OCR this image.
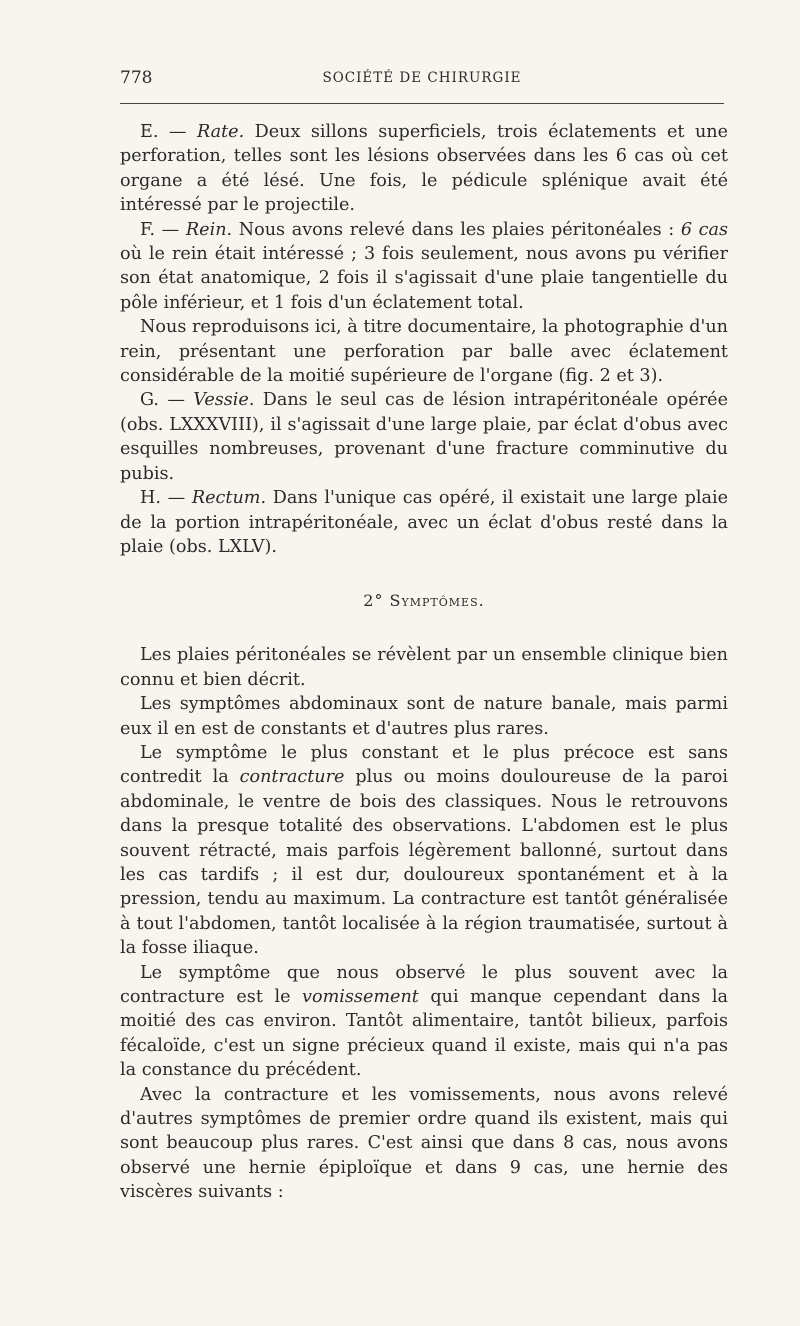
778	SOCIÉTÉ DE CHIRURGIE

E. — Rate. Deux sillons superficiels, trois éclatements et une perforation, telles sont les lésions observées dans les 6 cas où cet organe a été lésé. Une fois, le pédicule splénique avait été intéressé par le projectile.

F. — Rein. Nous avons relevé dans les plaies péritonéales : 6 cas où le rein était intéressé ; 3 fois seulement, nous avons pu vérifier son état anatomique, 2 fois il s'agissait d'une plaie tangentielle du pôle inférieur, et 1 fois d'un éclatement total.

Nous reproduisons ici, à titre documentaire, la photographie d'un rein, présentant une perforation par balle avec éclatement considérable de la moitié supérieure de l'organe (fig. 2 et 3).

G. — Vessie. Dans le seul cas de lésion intrapéritonéale opérée (obs. LXXXVIII), il s'agissait d'une large plaie, par éclat d'obus avec esquilles nombreuses, provenant d'une fracture comminutive du pubis.

H. — Rectum. Dans l'unique cas opéré, il existait une large plaie de la portion intrapéritonéale, avec un éclat d'obus resté dans la plaie (obs. LXLV).

2° Symptômes.

Les plaies péritonéales se révèlent par un ensemble clinique bien connu et bien décrit.

Les symptômes abdominaux sont de nature banale, mais parmi eux il en est de constants et d'autres plus rares.

Le symptôme le plus constant et le plus précoce est sans contredit la contracture plus ou moins douloureuse de la paroi abdominale, le ventre de bois des classiques. Nous le retrouvons dans la presque totalité des observations. L'abdomen est le plus souvent rétracté, mais parfois légèrement ballonné, surtout dans les cas tardifs ; il est dur, douloureux spontanément et à la pression, tendu au maximum. La contracture est tantôt généralisée à tout l'abdomen, tantôt localisée à la région traumatisée, surtout à la fosse iliaque.

Le symptôme que nous observé le plus souvent avec la contracture est le vomissement qui manque cependant dans la moitié des cas environ. Tantôt alimentaire, tantôt bilieux, parfois fécaloïde, c'est un signe précieux quand il existe, mais qui n'a pas la constance du précédent.

Avec la contracture et les vomissements, nous avons relevé d'autres symptômes de premier ordre quand ils existent, mais qui sont beaucoup plus rares. C'est ainsi que dans 8 cas, nous avons observé une hernie épiploïque et dans 9 cas, une hernie des viscères suivants :
